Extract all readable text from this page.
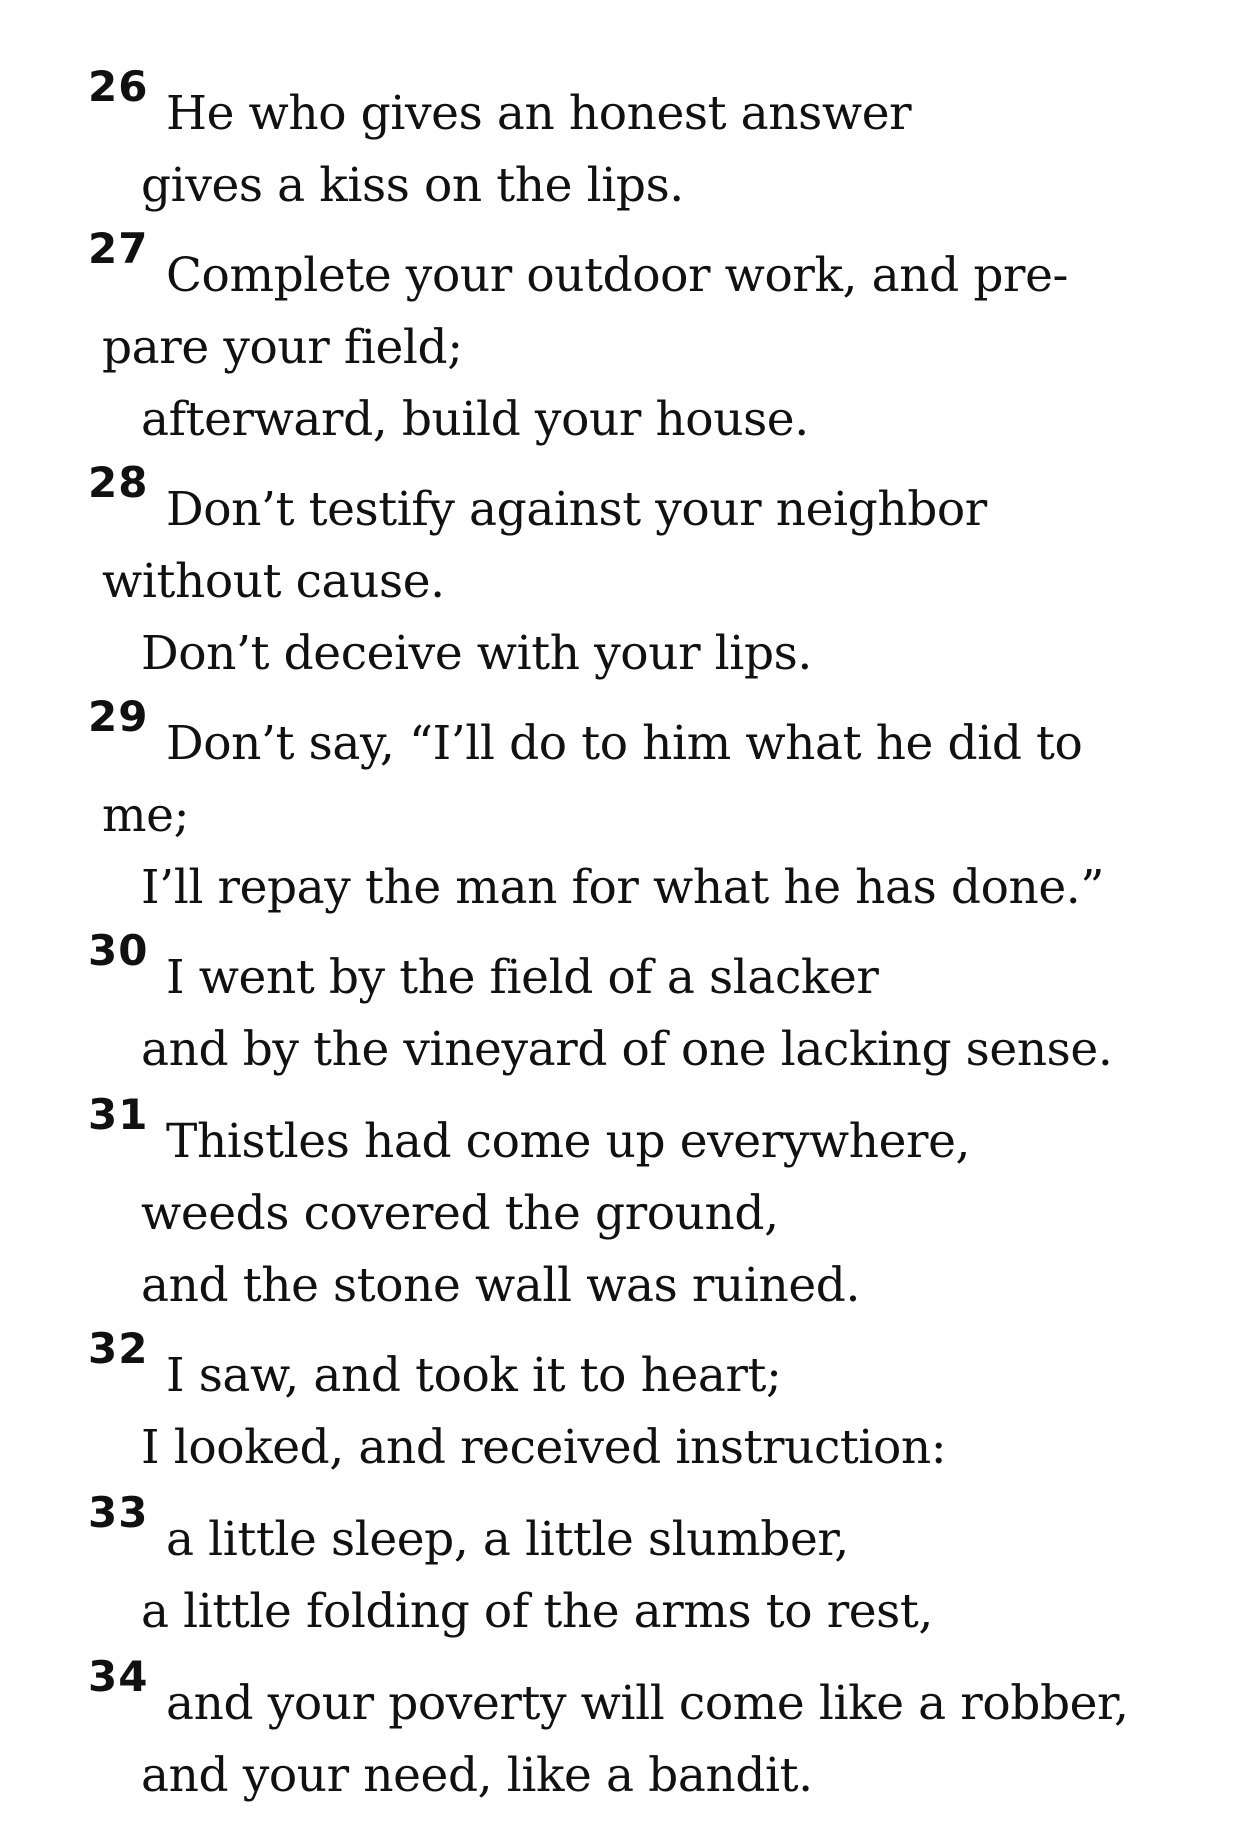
26 He who gives an honest answer
gives a kiss on the lips.
27 Complete your outdoor work, and pre-
pare your field;
afterward, build your house.
28 Don’t testify against your neighbor
without cause.
Don’t deceive with your lips.
29 Don’t say, “I’ll do to him what he did to
me;
I’ll repay the man for what he has done.”
30 I went by the field of a slacker
and by the vineyard of one lacking sense.
31 Thistles had come up everywhere,
weeds covered the ground,
and the stone wall was ruined.
32 I saw, and took it to heart;
I looked, and received instruction:
33 a little sleep, a little slumber,
a little folding of the arms to rest,
34 and your poverty will come like a robber,
and your need, like a bandit.
